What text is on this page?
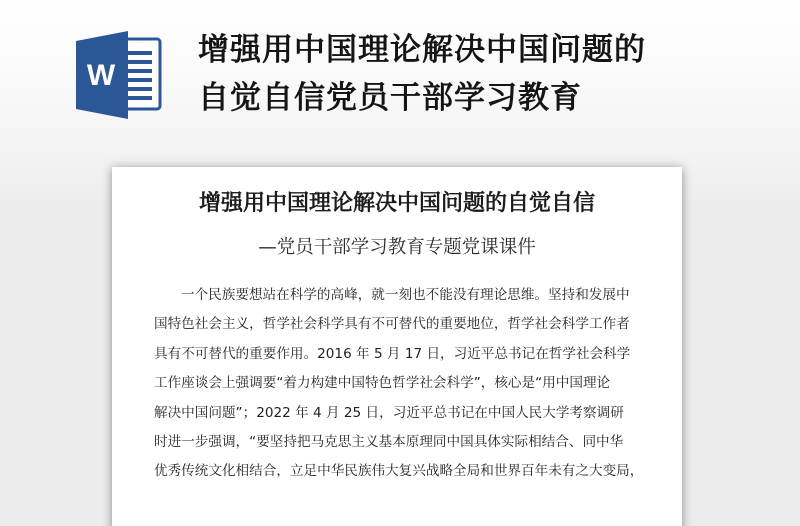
W
增强用中国理论解决中国问题的
自觉自信党员干部学习教育
增强用中国理论解决中国问题的自觉自信
—党员干部学习教育专题党课课件
一个民族要想站在科学的高峰，就一刻也不能没有理论思维。坚持和发展中
国特色社会主义，哲学社会科学具有不可替代的重要地位，哲学社会科学工作者
具有不可替代的重要作用。2016 年 5 月 17 日，习近平总书记在哲学社会科学
工作座谈会上强调要“着力构建中国特色哲学社会科学”，核心是“用中国理论
解决中国问题”；2022 年 4 月 25 日，习近平总书记在中国人民大学考察调研
时进一步强调，“要坚持把马克思主义基本原理同中国具体实际相结合、同中华
优秀传统文化相结合，立足中华民族伟大复兴战略全局和世界百年未有之大变局，
